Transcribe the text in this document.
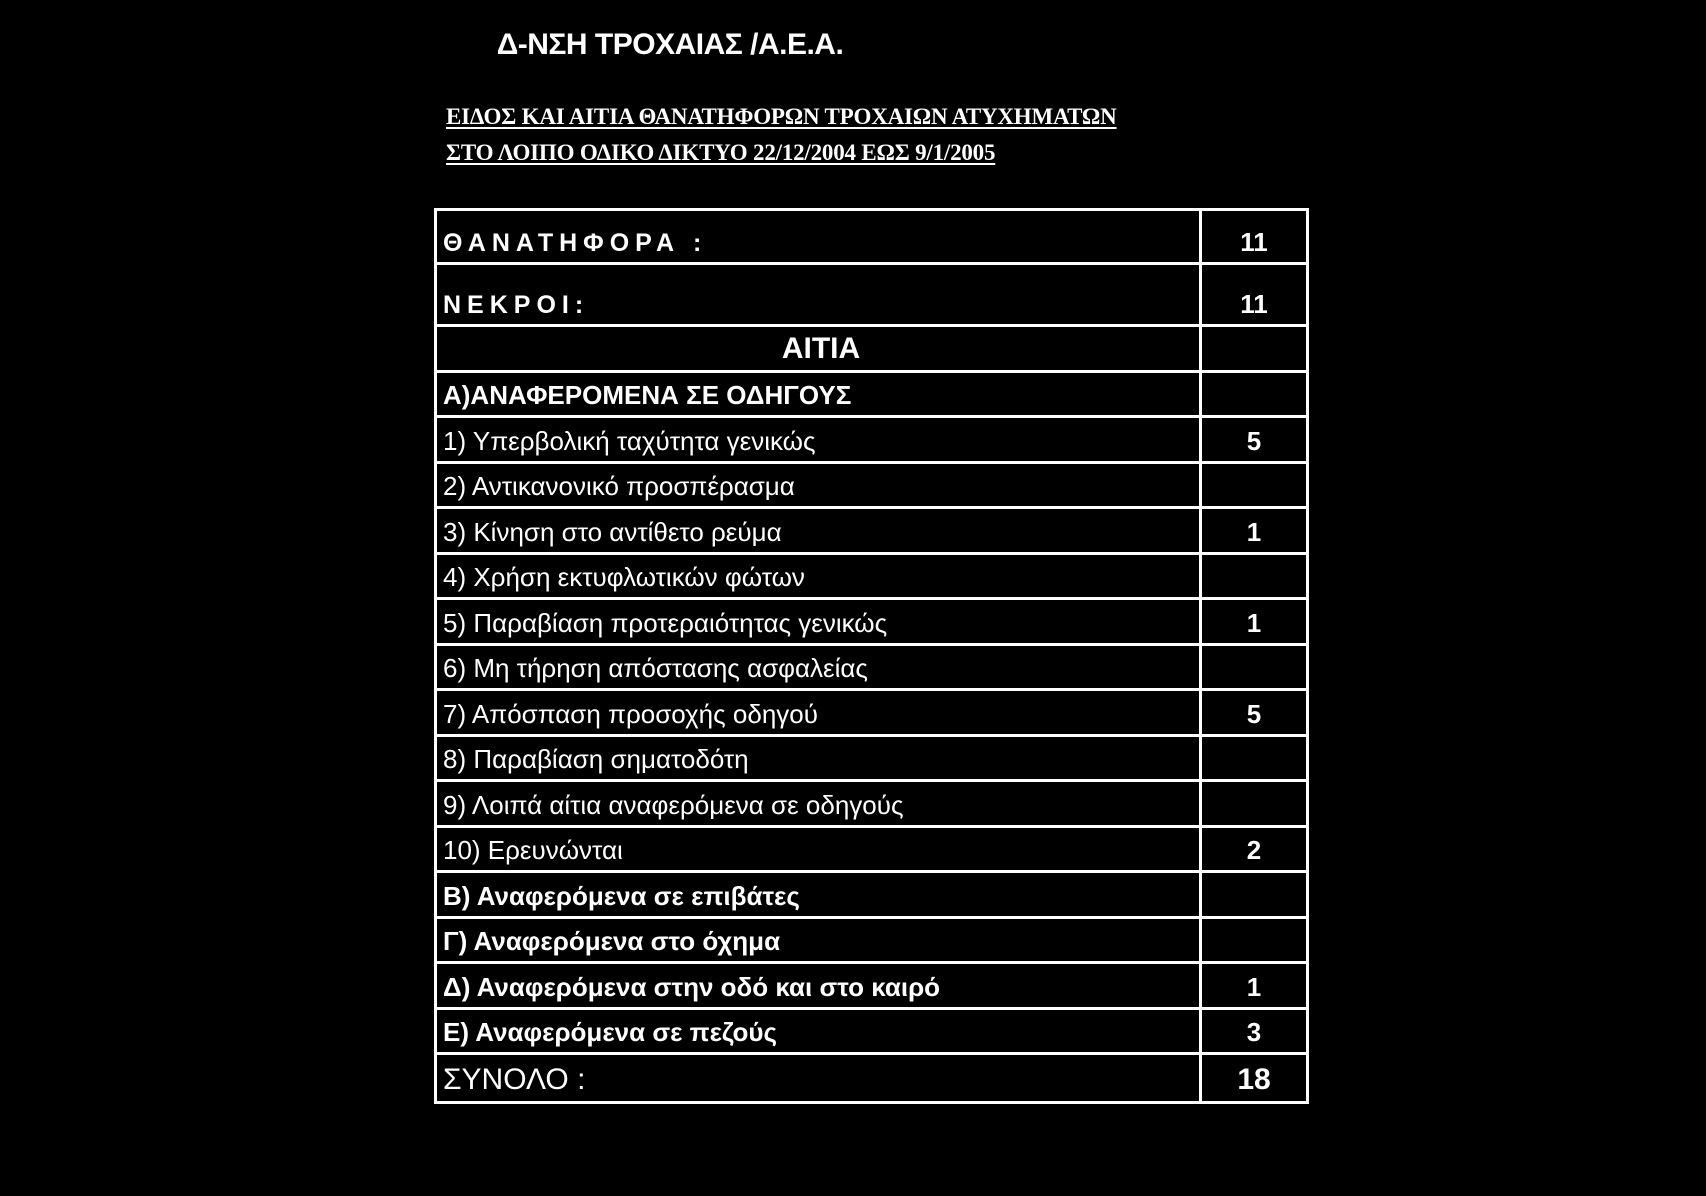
Δ-ΝΣΗ ΤΡΟΧΑΙΑΣ /Α.Ε.Α.
ΕΙΔΟΣ ΚΑΙ ΑΙΤΙΑ ΘΑΝΑΤΗΦΟΡΩΝ ΤΡΟΧΑΙΩΝ ΑΤΥΧΗΜΑΤΩΝ
ΣΤΟ ΛΟΙΠΟ ΟΔΙΚΟ ΔΙΚΤΥΟ 22/12/2004 ΕΩΣ 9/1/2005
ΘΑΝΑΤΗΦΟΡΑ :	11
ΝΕΚΡΟΙ:	11
ΑΙΤΙΑ
Α)ΑΝΑΦΕΡΟΜΕΝΑ ΣΕ ΟΔΗΓΟΥΣ
1) Υπερβολική ταχύτητα γενικώς	5
2) Αντικανονικό προσπέρασμα
3) Κίνηση στο αντίθετο ρεύμα	1
4) Χρήση εκτυφλωτικών φώτων
5) Παραβίαση προτεραιότητας γενικώς	1
6) Μη τήρηση απόστασης ασφαλείας
7) Απόσπαση προσοχής οδηγού	5
8) Παραβίαση σηματοδότη
9) Λοιπά αίτια αναφερόμενα σε οδηγούς
10) Ερευνώνται	2
Β) Αναφερόμενα σε επιβάτες
Γ) Αναφερόμενα στο όχημα
Δ) Αναφερόμενα στην οδό και στο καιρό	1
Ε) Αναφερόμενα σε πεζούς	3
ΣΥΝΟΛΟ :	18
